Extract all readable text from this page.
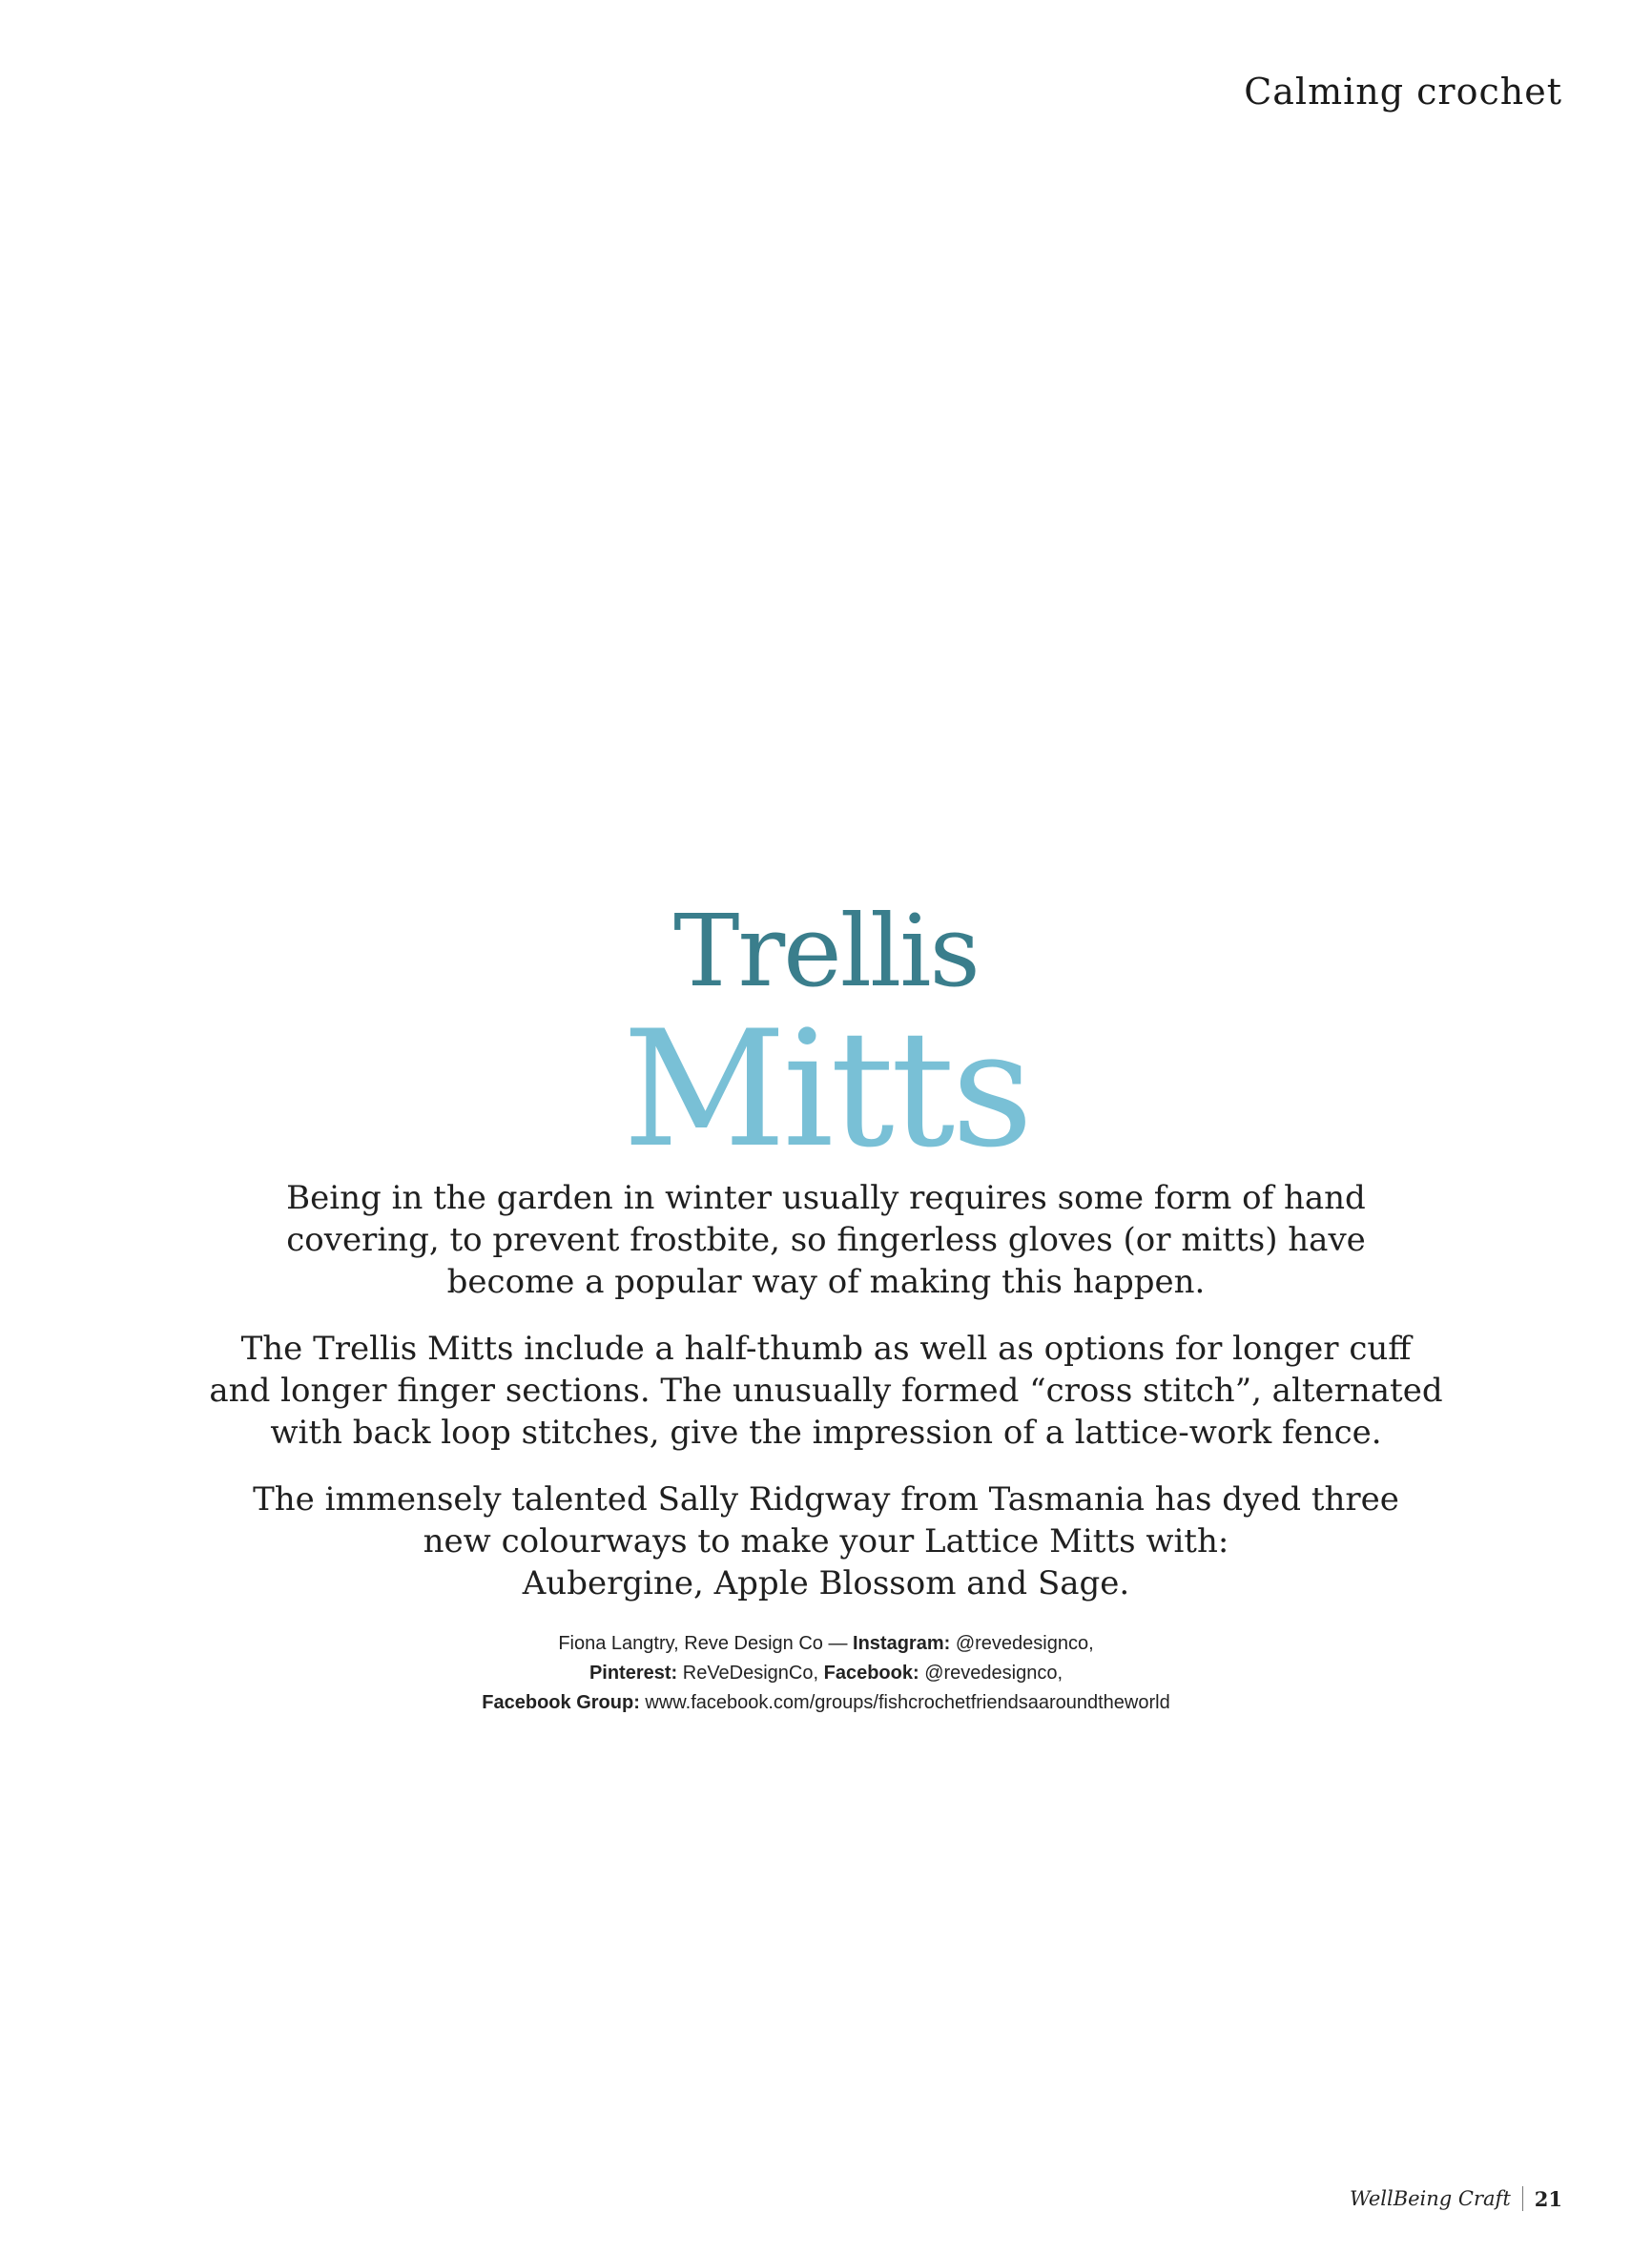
Calming crochet
Trellis
Mitts

Being in the garden in winter usually requires some form of hand
covering, to prevent frostbite, so fingerless gloves (or mitts) have
become a popular way of making this happen.

The Trellis Mitts include a half-thumb as well as options for longer cuff
and longer finger sections. The unusually formed “cross stitch”, alternated
with back loop stitches, give the impression of a lattice-work fence.

The immensely talented Sally Ridgway from Tasmania has dyed three
new colourways to make your Lattice Mitts with:
Aubergine, Apple Blossom and Sage.

Fiona Langtry, Reve Design Co — Instagram: @revedesignco,
Pinterest: ReVeDesignCo, Facebook: @revedesignco,
Facebook Group: www.facebook.com/groups/fishcrochetfriendsaaroundtheworld
WellBeing Craft 21
